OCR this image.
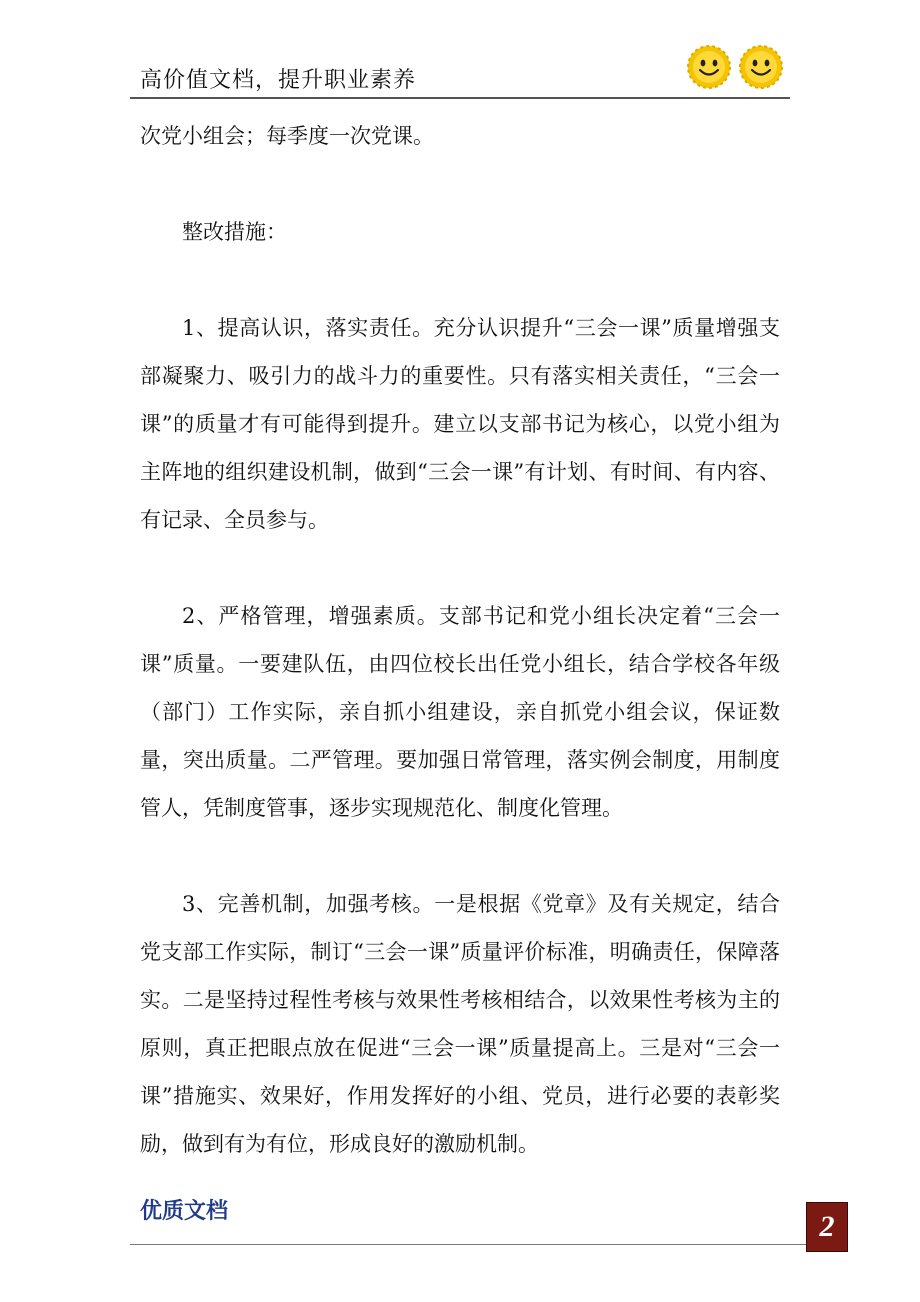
高价值文档，提升职业素养

次党小组会；每季度一次党课。

整改措施：

1、提高认识，落实责任。充分认识提升“三会一课”质量增强支部凝聚力、吸引力的战斗力的重要性。只有落实相关责任，“三会一课”的质量才有可能得到提升。建立以支部书记为核心，以党小组为主阵地的组织建设机制，做到“三会一课”有计划、有时间、有内容、有记录、全员参与。

2、严格管理，增强素质。支部书记和党小组长决定着“三会一课”质量。一要建队伍，由四位校长出任党小组长，结合学校各年级（部门）工作实际，亲自抓小组建设，亲自抓党小组会议，保证数量，突出质量。二严管理。要加强日常管理，落实例会制度，用制度管人，凭制度管事，逐步实现规范化、制度化管理。

3、完善机制，加强考核。一是根据《党章》及有关规定，结合党支部工作实际，制订“三会一课”质量评价标准，明确责任，保障落实。二是坚持过程性考核与效果性考核相结合，以效果性考核为主的原则，真正把眼点放在促进“三会一课”质量提高上。三是对“三会一课”措施实、效果好，作用发挥好的小组、党员，进行必要的表彰奖励，做到有为有位，形成良好的激励机制。

优质文档	2
